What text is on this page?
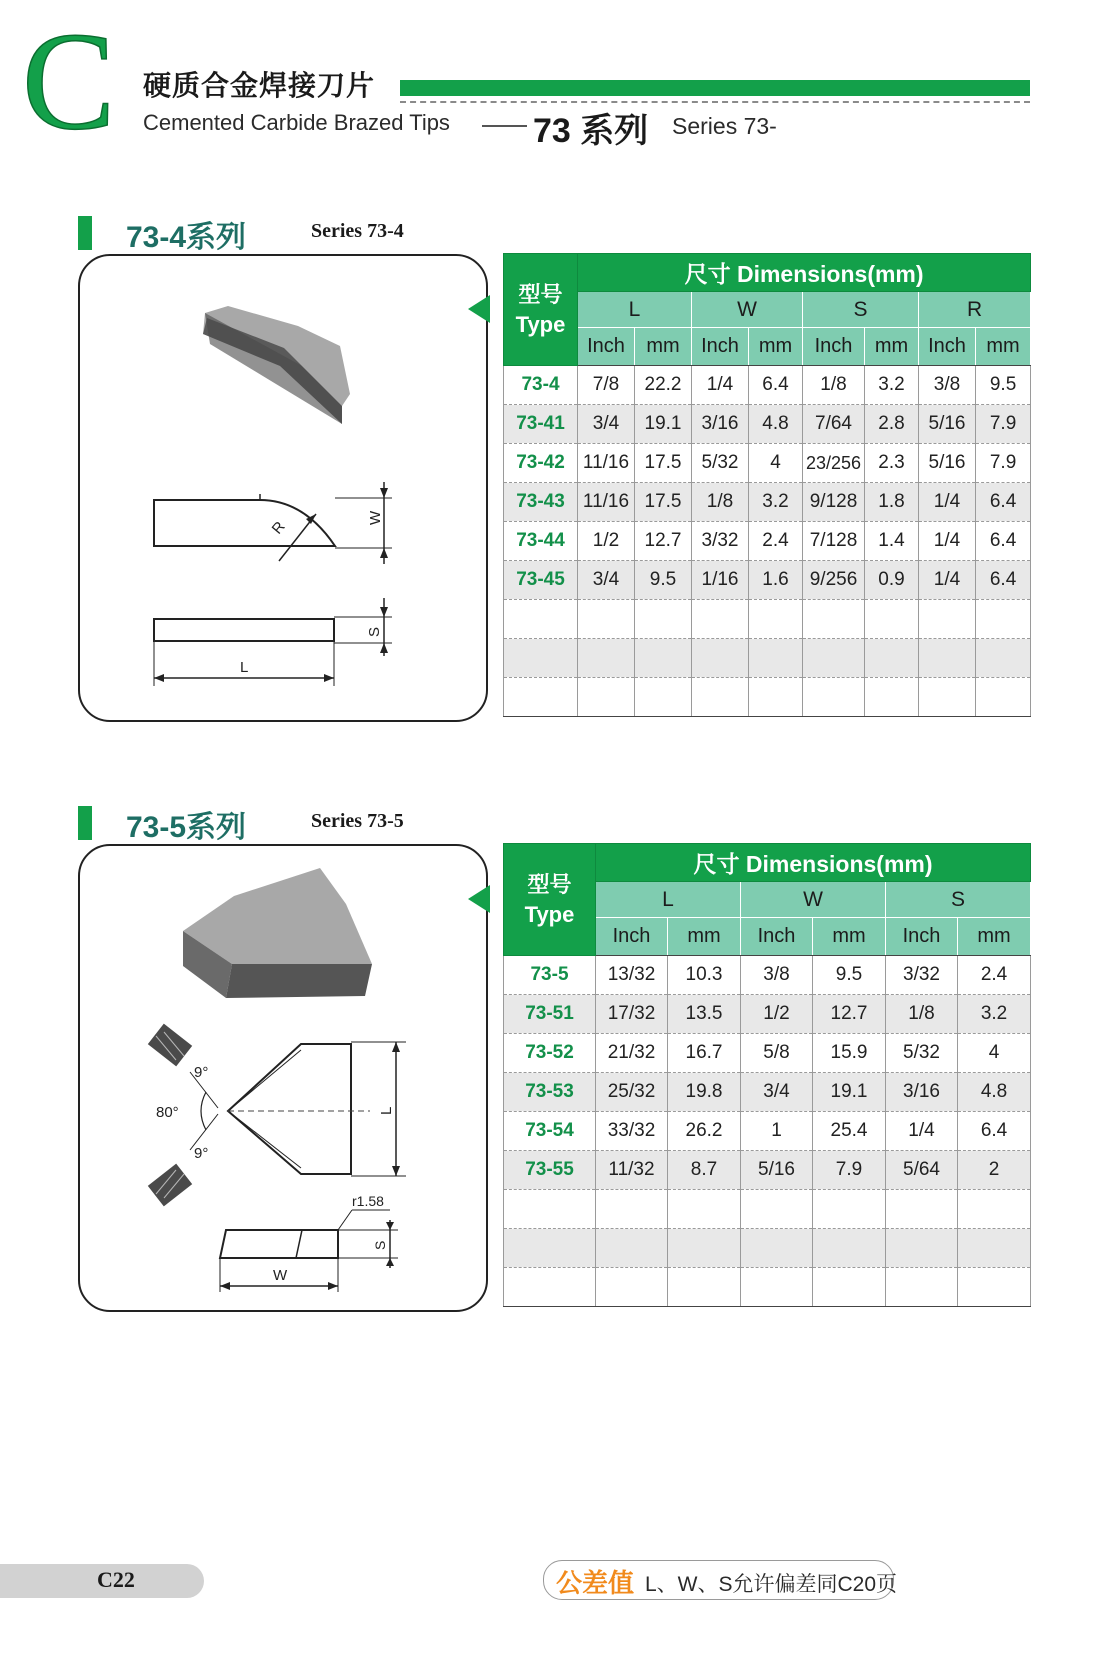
C 硬质合金焊接刀片
Cemented Carbide Brazed Tips 73 系列 Series 73-
73-4系列	Series 73-4
R
W
S
L
型号
Type	尺寸 Dimensions(mm)							
	L		W		S		R	
	Inch	mm	Inch	mm	Inch	mm	Inch	mm
73-4	7/8	22.2	1/4	6.4	1/8	3.2	3/8	9.5
73-41	3/4	19.1	3/16	4.8	7/64	2.8	5/16	7.9
73-42	11/16	17.5	5/32	4	23/256	2.3	5/16	7.9
73-43	11/16	17.5	1/8	3.2	9/128	1.8	1/4	6.4
73-44	1/2	12.7	3/32	2.4	7/128	1.4	1/4	6.4
73-45	3/4	9.5	1/16	1.6	9/256	0.9	1/4	6.4

73-5系列	Series 73-5
9°
80°
9°
L
r1.58
S
W
型号
Type	尺寸 Dimensions(mm)					
	L		W		S	
	Inch	mm	Inch	mm	Inch	mm
73-5	13/32	10.3	3/8	9.5	3/32	2.4
73-51	17/32	13.5	1/2	12.7	1/8	3.2
73-52	21/32	16.7	5/8	15.9	5/32	4
73-53	25/32	19.8	3/4	19.1	3/16	4.8
73-54	33/32	26.2	1	25.4	1/4	6.4
73-55	11/32	8.7	5/16	7.9	5/64	2

C22	公差值 L、W、S允许偏差同C20页
